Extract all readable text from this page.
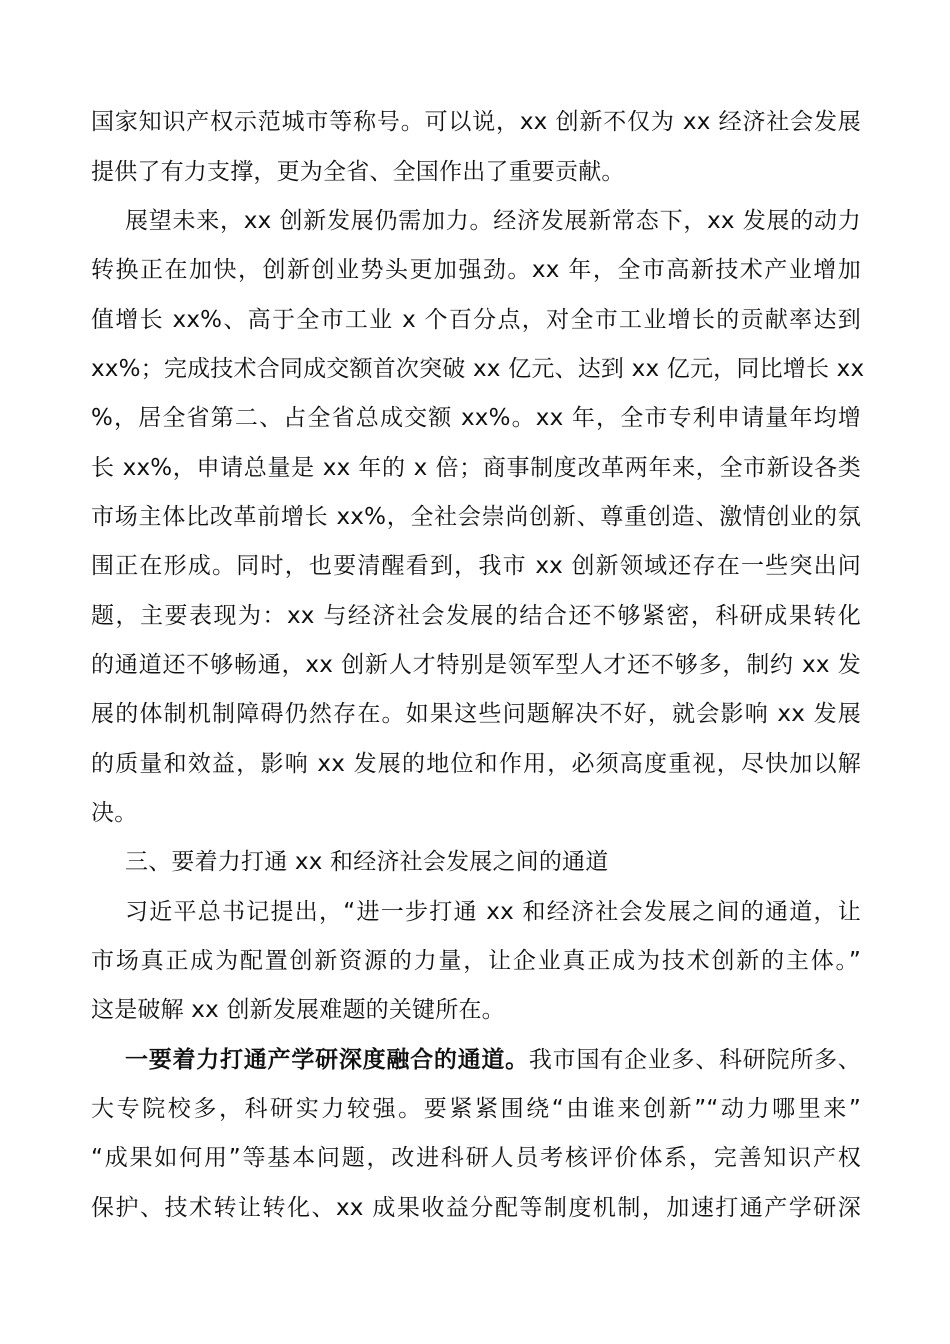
国家知识产权示范城市等称号。可以说，xx 创新不仅为 xx 经济社会发展
提供了有力支撑，更为全省、全国作出了重要贡献。
展望未来，xx 创新发展仍需加力。经济发展新常态下，xx 发展的动力
转换正在加快，创新创业势头更加强劲。xx 年，全市高新技术产业增加
值增长 xx%、高于全市工业 x 个百分点，对全市工业增长的贡献率达到
xx%；完成技术合同成交额首次突破 xx 亿元、达到 xx 亿元，同比增长 xx
%，居全省第二、占全省总成交额 xx%。xx 年，全市专利申请量年均增
长 xx%，申请总量是 xx 年的 x 倍；商事制度改革两年来，全市新设各类
市场主体比改革前增长 xx%，全社会崇尚创新、尊重创造、激情创业的氛
围正在形成。同时，也要清醒看到，我市 xx 创新领域还存在一些突出问
题，主要表现为：xx 与经济社会发展的结合还不够紧密，科研成果转化
的通道还不够畅通，xx 创新人才特别是领军型人才还不够多，制约 xx 发
展的体制机制障碍仍然存在。如果这些问题解决不好，就会影响 xx 发展
的质量和效益，影响 xx 发展的地位和作用，必须高度重视，尽快加以解
决。
三、要着力打通 xx 和经济社会发展之间的通道
习近平总书记提出，“进一步打通 xx 和经济社会发展之间的通道，让
市场真正成为配置创新资源的力量，让企业真正成为技术创新的主体。”
这是破解 xx 创新发展难题的关键所在。
一要着力打通产学研深度融合的通道。我市国有企业多、科研院所多、
大专院校多，科研实力较强。要紧紧围绕“由谁来创新”“动力哪里来”
“成果如何用”等基本问题，改进科研人员考核评价体系，完善知识产权
保护、技术转让转化、xx 成果收益分配等制度机制，加速打通产学研深
